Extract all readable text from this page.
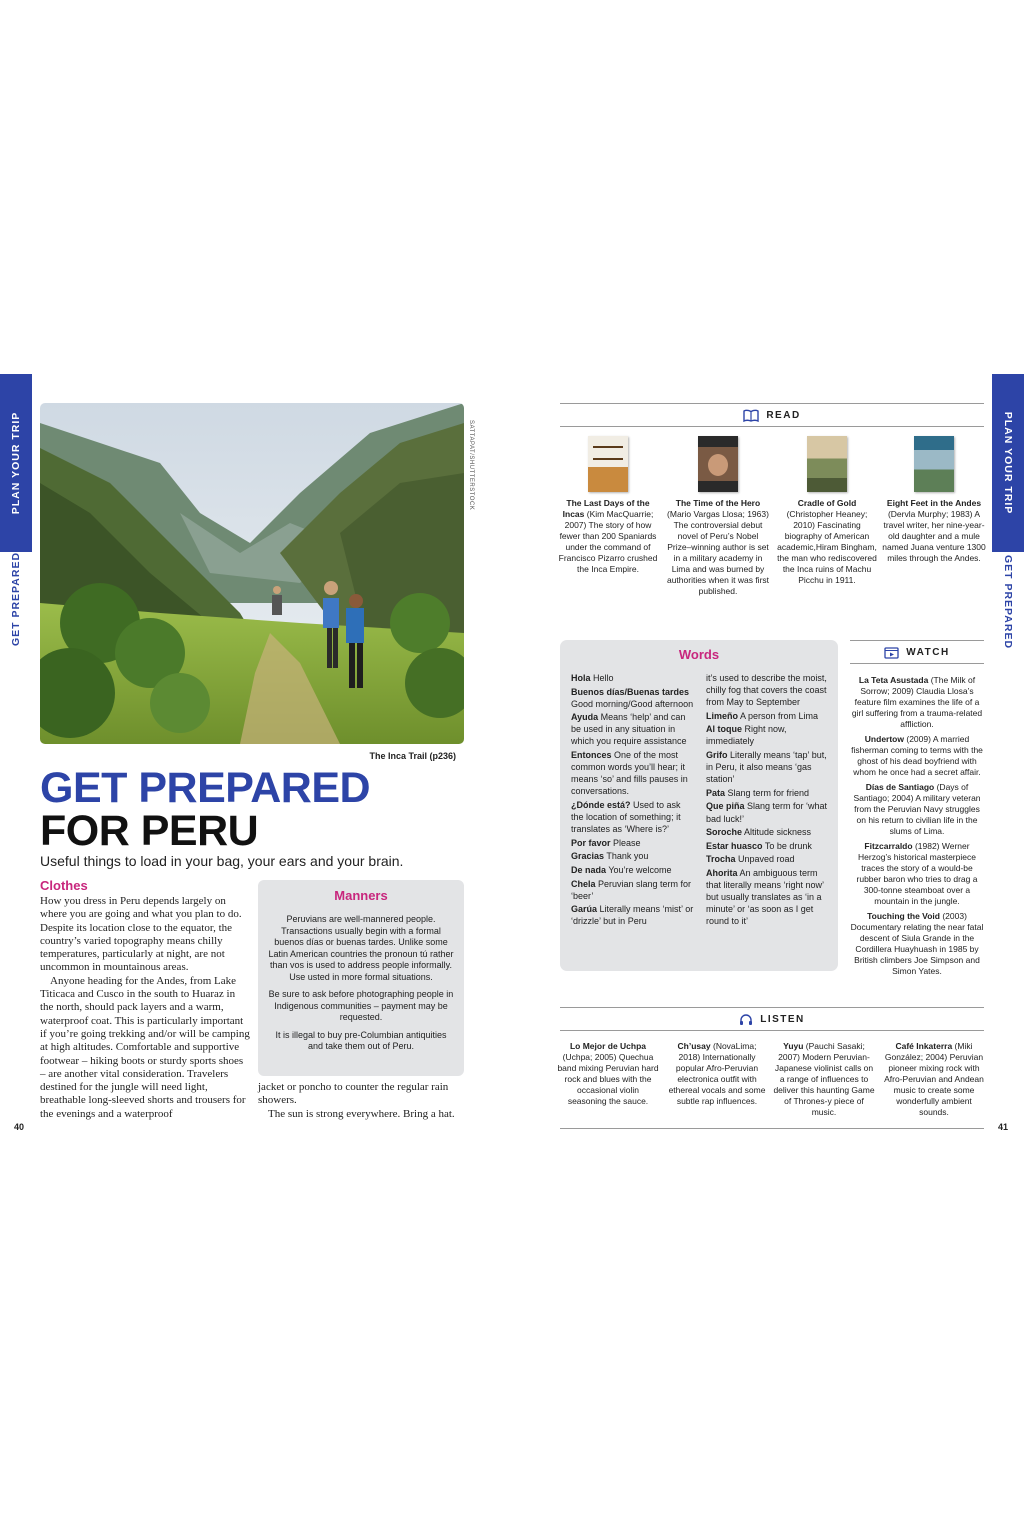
PLAN YOUR TRIP
GET PREPARED
PLAN YOUR TRIP
GET PREPARED
SATTAPAT/SHUTTERSTOCK
The Inca Trail (p236)
GET PREPARED
FOR PERU
Useful things to load in your bag, your ears and your brain.
Clothes

How you dress in Peru depends largely on where you are going and what you plan to do. Despite its location close to the equator, the country’s varied topography means chilly temperatures, particularly at night, are not uncommon in mountainous areas.

Anyone heading for the Andes, from Lake Titicaca and Cusco in the south to Huaraz in the north, should pack layers and a warm, waterproof coat. This is particularly important if you’re going trekking and/or will be camping at high altitudes. Comfortable and supportive footwear – hiking boots or sturdy sports shoes – are another vital consideration. Travelers destined for the jungle will need light, breathable long-sleeved shorts and trousers for the evenings and a waterproof

jacket or poncho to counter the regular rain showers.

The sun is strong everywhere. Bring a hat.

Manners

Peruvians are well-mannered people. Transactions usually begin with a formal buenos días or buenas tardes. Unlike some Latin American countries the pronoun tú rather than vos is used to address people informally. Use usted in more formal situations.

Be sure to ask before photographing people in Indigenous communities – payment may be requested.

It is illegal to buy pre-Columbian antiquities and take them out of Peru.

40	41
READ
The Last Days of the Incas (Kim MacQuarrie; 2007) The story of how fewer than 200 Spaniards under the command of Francisco Pizarro crushed the Inca Empire.
The Time of the Hero (Mario Vargas Llosa; 1963) The controversial debut novel of Peru’s Nobel Prize–winning author is set in a military academy in Lima and was burned by authorities when it was first published.
Cradle of Gold (Christopher Heaney; 2010) Fascinating biography of American academic,Hiram Bingham, the man who rediscovered the Inca ruins of Machu Picchu in 1911.
Eight Feet in the Andes (Dervla Murphy; 1983) A travel writer, her nine-year-old daughter and a mule named Juana venture 1300 miles through the Andes.
Words

Hola Hello

Buenos días/Buenas tardes Good morning/Good afternoon

Ayuda Means ‘help’ and can be used in any situation in which you require assistance

Entonces One of the most common words you’ll hear; it means ‘so’ and fills pauses in conversations.

¿Dónde está? Used to ask the location of something; it translates as ‘Where is?’

Por favor Please

Gracias Thank you

De nada You’re welcome

Chela Peruvian slang term for ‘beer’

Garúa Literally means ‘mist’ or ‘drizzle’ but in Peru

it’s used to describe the moist, chilly fog that covers the coast from May to September

Limeño A person from Lima

Al toque Right now, immediately

Grifo Literally means ‘tap’ but, in Peru, it also means ‘gas station’

Pata Slang term for friend

Que piña Slang term for ‘what bad luck!’

Soroche Altitude sickness

Estar huasco To be drunk

Trocha Unpaved road

Ahorita An ambiguous term that literally means ‘right now’ but usually translates as ‘in a minute’ or ‘as soon as I get round to it’

WATCH

La Teta Asustada (The Milk of Sorrow; 2009) Claudia Llosa’s feature film examines the life of a girl suffering from a trauma-related affliction.

Undertow (2009) A married fisherman coming to terms with the ghost of his dead boyfriend with whom he once had a secret affair.

Días de Santiago (Days of Santiago; 2004) A military veteran from the Peruvian Navy struggles on his return to civilian life in the slums of Lima.

Fitzcarraldo (1982) Werner Herzog’s historical masterpiece traces the story of a would-be rubber baron who tries to drag a 300-tonne steamboat over a mountain in the jungle.

Touching the Void (2003) Documentary relating the near fatal descent of Siula Grande in the Cordillera Huayhuash in 1985 by British climbers Joe Simpson and Simon Yates.

LISTEN
Lo Mejor de Uchpa (Uchpa; 2005) Quechua band mixing Peruvian hard rock and blues with the occasional violin seasoning the sauce.
Ch’usay (NovaLima; 2018) Internationally popular Afro-Peruvian electronica outfit with ethereal vocals and some subtle rap influences.
Yuyu (Pauchi Sasaki; 2007) Modern Peruvian-Japanese violinist calls on a range of influences to deliver this haunting Game of Thrones-y piece of music.
Café Inkaterra (Miki González; 2004) Peruvian pioneer mixing rock with Afro-Peruvian and Andean music to create some wonderfully ambient sounds.
